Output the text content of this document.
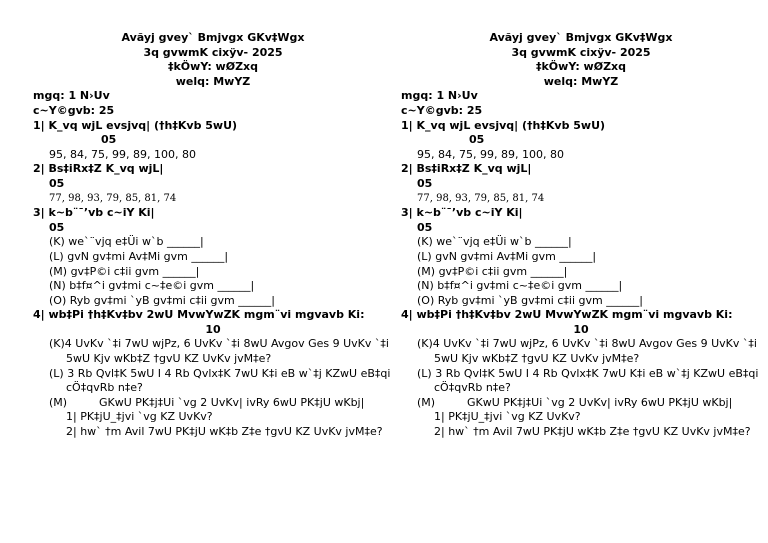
Avãyj gvey` Bmjvgx GKv‡Wgx
3q gvwmK cixÿv- 2025
‡kÖwY: wØZxq
welq: MwYZ
mgq: 1 N›Uv
c~Y©gvb: 25
1| K_vq wjL evsjvq| (†h‡Kvb 5wU)
05
95, 84, 75, 99, 89, 100, 80
2| Bs‡iRx‡Z K_vq wjL|
05
77, 98, 93, 79, 85, 81, 74
3| k~b¨¯’vb c~iY Ki|
05
(K) we`¨vjq e‡Üi w`b ______|
(L) gvN gv‡mi Av‡Mi gvm ______|
(M) gv‡P©i c‡ii gvm ______|
(N) b‡f¤^i gv‡mi c~‡e©i gvm ______|
(O) Ryb gv‡mi `yB gv‡mi c‡ii gvm ______|
4| wb‡Pi †h‡Kv‡bv 2wU MvwYwZK mgm¨vi mgvavb Ki:
10
(K)4 UvKv `‡i 7wU wjPz, 6 UvKv `‡i 8wU Avgov Ges 9 UvKv `‡i 5wU Kjv wKb‡Z †gvU KZ UvKv jvM‡e?
(L) 3 Rb Qvl‡K 5wU I 4 Rb Qvlx‡K 7wU K‡i eB w`‡j KZwU eB‡qi cÖ‡qvRb n‡e?
(M)	GKwU PK‡j‡Ui `vg 2 UvKv| ivRy 6wU PK‡jU wKbj|
1| PK‡jU_‡jvi `vg KZ UvKv?
2| hw` †m Avil 7wU PK‡jU wK‡b Z‡e †gvU KZ UvKv jvM‡e?
Avãyj gvey` Bmjvgx GKv‡Wgx
3q gvwmK cixÿv- 2025
‡kÖwY: wØZxq
welq: MwYZ
mgq: 1 N›Uv
c~Y©gvb: 25
1| K_vq wjL evsjvq| (†h‡Kvb 5wU)
05
95, 84, 75, 99, 89, 100, 80
2| Bs‡iRx‡Z K_vq wjL|
05
77, 98, 93, 79, 85, 81, 74
3| k~b¨¯’vb c~iY Ki|
05
(K) we`¨vjq e‡Üi w`b ______|
(L) gvN gv‡mi Av‡Mi gvm ______|
(M) gv‡P©i c‡ii gvm ______|
(N) b‡f¤^i gv‡mi c~‡e©i gvm ______|
(O) Ryb gv‡mi `yB gv‡mi c‡ii gvm ______|
4| wb‡Pi †h‡Kv‡bv 2wU MvwYwZK mgm¨vi mgvavb Ki:
10
(K)4 UvKv `‡i 7wU wjPz, 6 UvKv `‡i 8wU Avgov Ges 9 UvKv `‡i 5wU Kjv wKb‡Z †gvU KZ UvKv jvM‡e?
(L) 3 Rb Qvl‡K 5wU I 4 Rb Qvlx‡K 7wU K‡i eB w`‡j KZwU eB‡qi cÖ‡qvRb n‡e?
(M)	GKwU PK‡j‡Ui `vg 2 UvKv| ivRy 6wU PK‡jU wKbj|
1| PK‡jU_‡jvi `vg KZ UvKv?
2| hw` †m Avil 7wU PK‡jU wK‡b Z‡e †gvU KZ UvKv jvM‡e?
